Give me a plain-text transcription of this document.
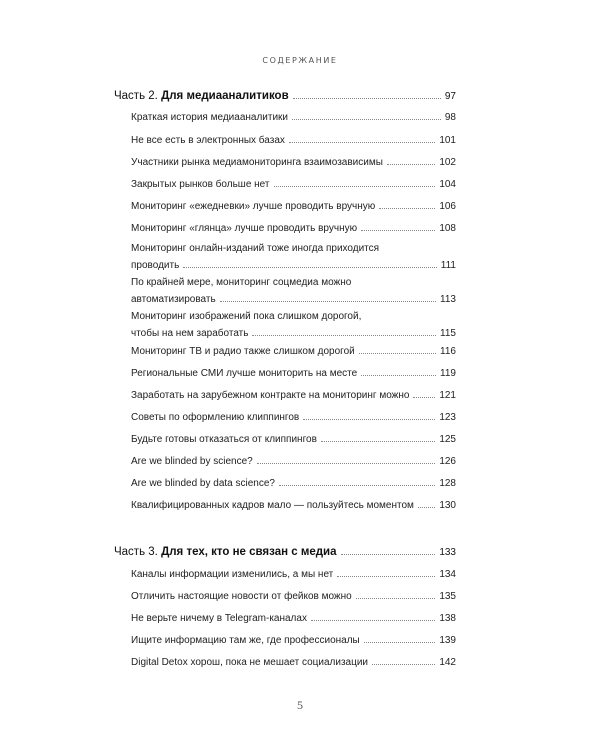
СОДЕРЖАНИЕ
Часть 2. Для медиааналитиков	97
Краткая история медиааналитики	98
Не все есть в электронных базах	101
Участники рынка медиамониторинга взаимозависимы	102
Закрытых рынков больше нет	104
Мониторинг «ежедневки» лучше проводить вручную	106
Мониторинг «глянца» лучше проводить вручную	108
Мониторинг онлайн-изданий тоже иногда приходится
проводить	111
По крайней мере, мониторинг соцмедиа можно
автоматизировать	113
Мониторинг изображений пока слишком дорогой,
чтобы на нем заработать	115
Мониторинг ТВ и радио также слишком дорогой	116
Региональные СМИ лучше мониторить на месте	119
Заработать на зарубежном контракте на мониторинг можно	121
Советы по оформлению клиппингов	123
Будьте готовы отказаться от клиппингов	125
Are we blinded by science?	126
Are we blinded by data science?	128
Квалифицированных кадров мало — пользуйтесь моментом	130
Часть 3. Для тех, кто не связан с медиа	133
Каналы информации изменились, а мы нет	134
Отличить настоящие новости от фейков можно	135
Не верьте ничему в Telegram-каналах	138
Ищите информацию там же, где профессионалы	139
Digital Detox хорош, пока не мешает социализации	142
5
